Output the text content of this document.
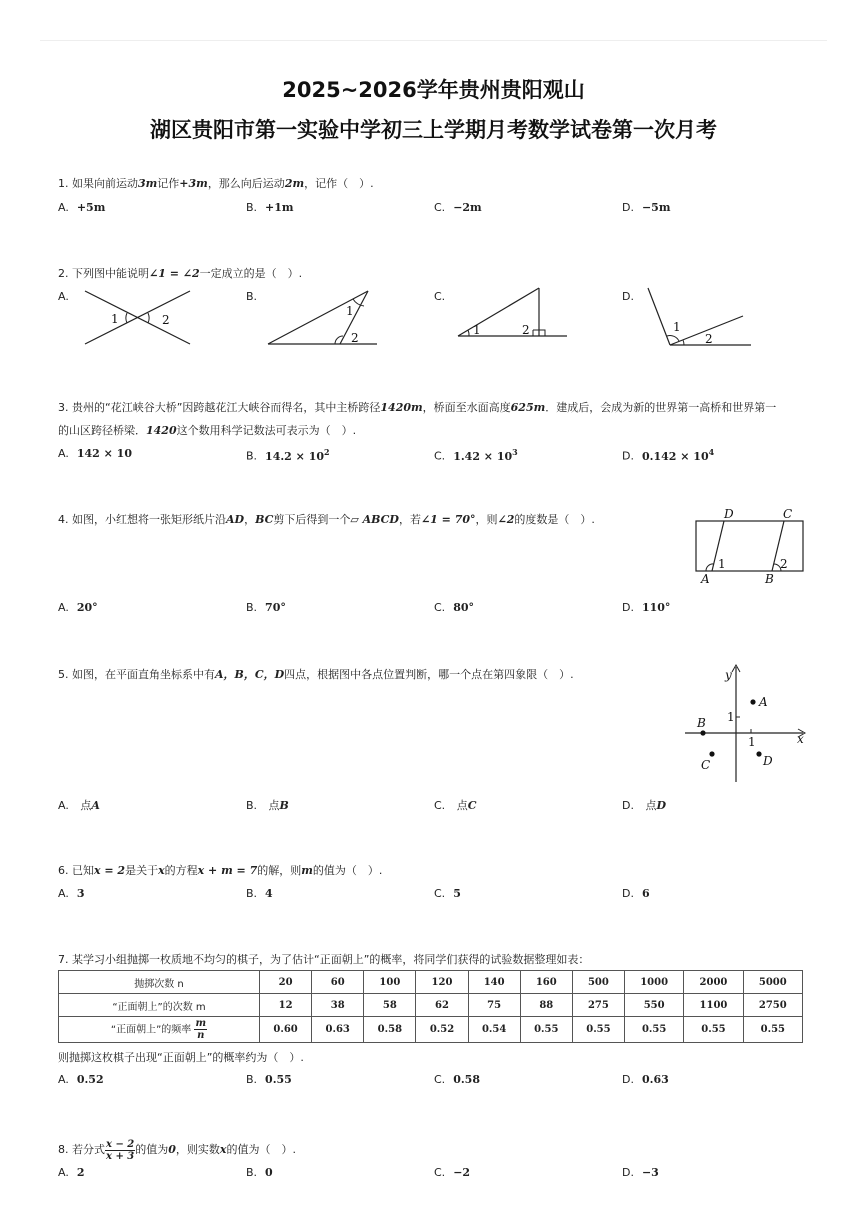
2025~2026学年贵州贵阳观山
湖区贵阳市第一实验中学初三上学期月考数学试卷第一次月考
1. 如果向前运动3m记作+3m，那么向后运动2m，记作（　）.
A. +5m	B. +1m	C. −2m	D. −5m
2. 下列图中能说明∠1 = ∠2一定成立的是（　）.
A.	B.	C.	D.
1	2
1
2
1	2	1
2
3. 贵州的“花江峡谷大桥”因跨越花江大峡谷而得名，其中主桥跨径1420m，桥面至水面高度625m．建成后，会成为新的世界第一高桥和世界第一
的山区跨径桥梁．1420这个数用科学记数法可表示为（　）.
A. 142 × 10	B. $14.2 \times 10^2$	C. $1.42 \times 10^3$	D. $0.142 \times 10^4$
4. 如图，小红想将一张矩形纸片沿AD，BC剪下后得到一个▱ ABCD，若∠1 = 70°，则∠2的度数是（　）.	D	C
A	B
1	2
A. 20°	B. 70°	C. 80°	D. 110°
5. 如图，在平面直角坐标系中有A，B，C，D四点，根据图中各点位置判断，哪一个点在第四象限（　）.	y
x
1
1
A
B
C	D
A. 点A	B. 点B	C. 点C	D. 点D
6. 已知x = 2是关于x的方程x + m = 7的解，则m的值为（　）.
A. 3	B. 4	C. 5	D. 6
7. 某学习小组抛掷一枚质地不均匀的棋子，为了估计“正面朝上”的概率，将同学们获得的试验数据整理如表：
抛掷次数 n	20	60	100	120	140	160	500	1000	2000	5000
“正面朝上”的次数 m	12	38	58	62	75	88	275	550	1100	2750
“正面朝上”的频率 $\frac{m}{n}$	0.60	0.63	0.58	0.52	0.54	0.55	0.55	0.55	0.55	0.55
则抛掷这枚棋子出现“正面朝上”的概率约为（　）.
A. 0.52	B. 0.55	C. 0.58	D. 0.63
8. 若分式 $\frac{x - 2}{x + 3}$ 的值为0，则实数x的值为（　）.
A. 2	B. 0	C. −2	D. −3
